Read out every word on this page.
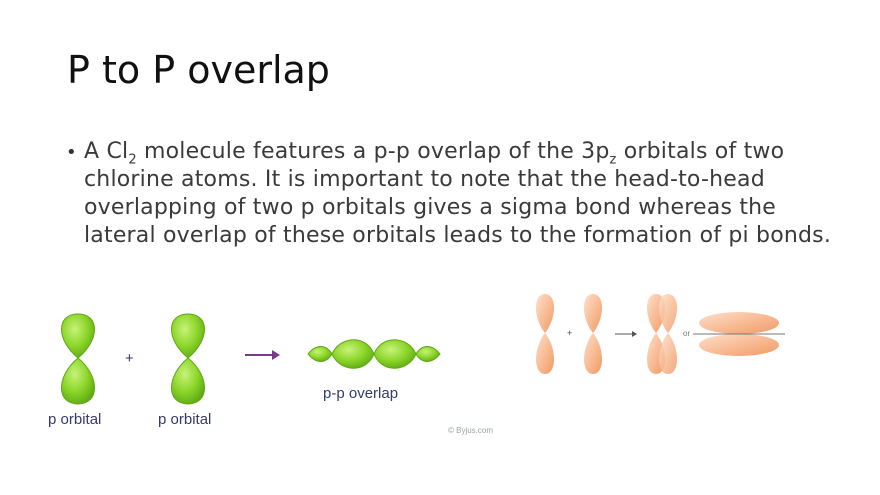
P to P overlap
• A $Cl_2$ molecule features a p-p overlap of the $3p_z$ orbitals of two chlorine atoms. It is important to note that the head-to-head overlapping of two p orbitals gives a sigma bond whereas the lateral overlap of these orbitals leads to the formation of pi bonds.
p orbital
+
p orbital
p-p overlap
© Byjus.com
+	or
